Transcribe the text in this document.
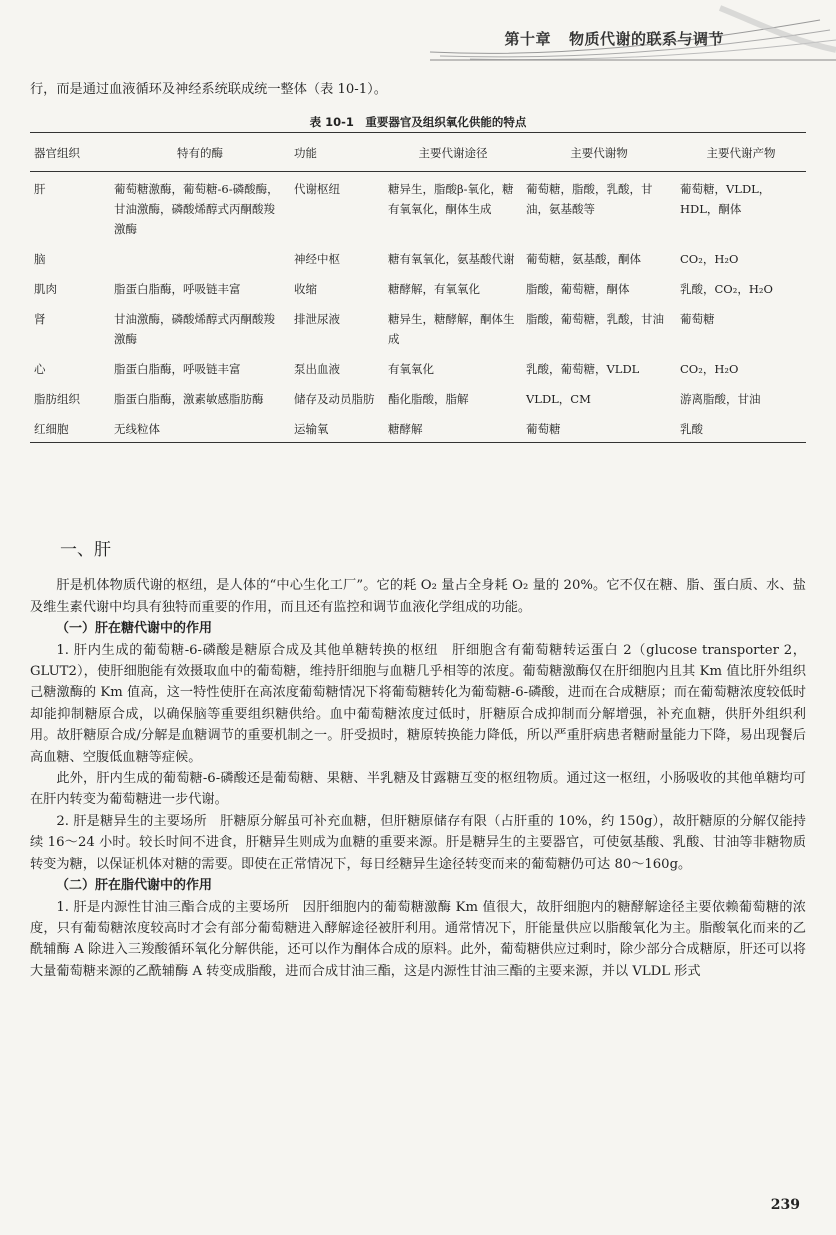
第十章 物质代谢的联系与调节
行，而是通过血液循环及神经系统联成统一整体（表 10-1）。
表 10-1　重要器官及组织氧化供能的特点
器官组织	特有的酶	功能	主要代谢途径	主要代谢物	主要代谢产物
肝	葡萄糖激酶，葡萄糖-6-磷酸酶，甘油激酶，磷酸烯醇式丙酮酸羧激酶	代谢枢纽	糖异生，脂酸β-氧化，糖有氧氧化，酮体生成	葡萄糖，脂酸，乳酸，甘油，氨基酸等	葡萄糖，VLDL，HDL，酮体
脑		神经中枢	糖有氧氧化，氨基酸代谢	葡萄糖，氨基酸，酮体	CO₂，H₂O
肌肉	脂蛋白脂酶，呼吸链丰富	收缩	糖酵解，有氧氧化	脂酸，葡萄糖，酮体	乳酸，CO₂，H₂O
肾	甘油激酶，磷酸烯醇式丙酮酸羧激酶	排泄尿液	糖异生，糖酵解，酮体生成	脂酸，葡萄糖，乳酸，甘油	葡萄糖
心	脂蛋白脂酶，呼吸链丰富	泵出血液	有氧氧化	乳酸，葡萄糖，VLDL	CO₂，H₂O
脂肪组织	脂蛋白脂酶，激素敏感脂肪酶	储存及动员脂肪	酯化脂酸，脂解	VLDL，CM	游离脂酸，甘油
红细胞	无线粒体	运输氧	糖酵解	葡萄糖	乳酸
一、肝

肝是机体物质代谢的枢纽，是人体的“中心生化工厂”。它的耗 O₂ 量占全身耗 O₂ 量的 20%。它不仅在糖、脂、蛋白质、水、盐及维生素代谢中均具有独特而重要的作用，而且还有监控和调节血液化学组成的功能。

（一）肝在糖代谢中的作用

1. 肝内生成的葡萄糖-6-磷酸是糖原合成及其他单糖转换的枢纽　肝细胞含有葡萄糖转运蛋白 2（glucose transporter 2，GLUT2），使肝细胞能有效摄取血中的葡萄糖，维持肝细胞与血糖几乎相等的浓度。葡萄糖激酶仅在肝细胞内且其 Km 值比肝外组织己糖激酶的 Km 值高，这一特性使肝在高浓度葡萄糖情况下将葡萄糖转化为葡萄糖-6-磷酸，进而在合成糖原；而在葡萄糖浓度较低时却能抑制糖原合成，以确保脑等重要组织糖供给。血中葡萄糖浓度过低时，肝糖原合成抑制而分解增强，补充血糖，供肝外组织利用。故肝糖原合成/分解是血糖调节的重要机制之一。肝受损时，糖原转换能力降低，所以严重肝病患者糖耐量能力下降，易出现餐后高血糖、空腹低血糖等症候。

此外，肝内生成的葡萄糖-6-磷酸还是葡萄糖、果糖、半乳糖及甘露糖互变的枢纽物质。通过这一枢纽，小肠吸收的其他单糖均可在肝内转变为葡萄糖进一步代谢。

2. 肝是糖异生的主要场所　肝糖原分解虽可补充血糖，但肝糖原储存有限（占肝重的 10%，约 150g），故肝糖原的分解仅能持续 16～24 小时。较长时间不进食，肝糖异生则成为血糖的重要来源。肝是糖异生的主要器官，可使氨基酸、乳酸、甘油等非糖物质转变为糖，以保证机体对糖的需要。即使在正常情况下，每日经糖异生途径转变而来的葡萄糖仍可达 80～160g。

（二）肝在脂代谢中的作用

1. 肝是内源性甘油三酯合成的主要场所　因肝细胞内的葡萄糖激酶 Km 值很大，故肝细胞内的糖酵解途径主要依赖葡萄糖的浓度，只有葡萄糖浓度较高时才会有部分葡萄糖进入酵解途径被肝利用。通常情况下，肝能量供应以脂酸氧化为主。脂酸氧化而来的乙酰辅酶 A 除进入三羧酸循环氧化分解供能，还可以作为酮体合成的原料。此外，葡萄糖供应过剩时，除少部分合成糖原，肝还可以将大量葡萄糖来源的乙酰辅酶 A 转变成脂酸，进而合成甘油三酯，这是内源性甘油三酯的主要来源，并以 VLDL 形式

239
